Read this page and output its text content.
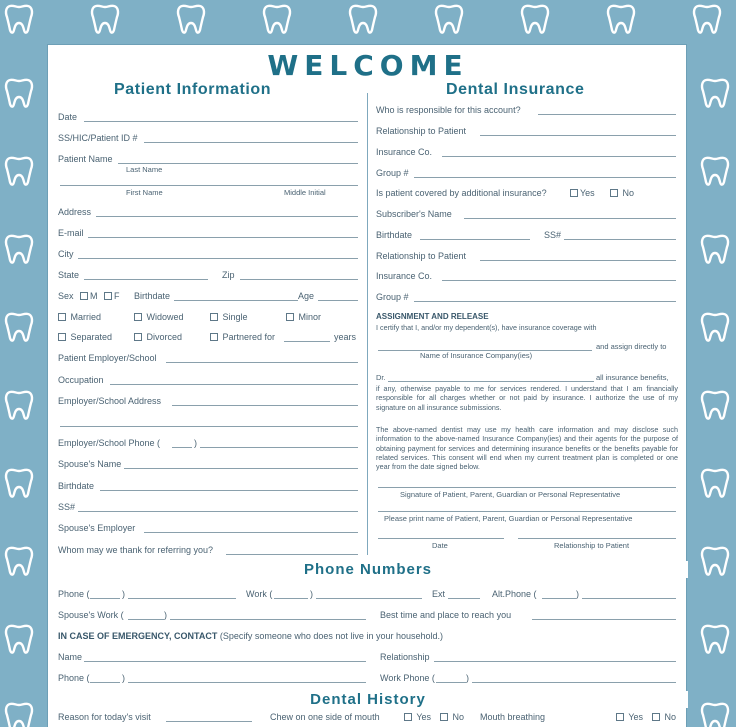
WELCOME
Patient Information
Date
SS/HIC/Patient ID #
Patient Name
Last Name
First Name	Middle Initial
Address
E-mail
City
State	Zip
Sex M F Birthdate	Age
Married	Widowed	Single	Minor
Separated	Divorced	Partnered for	years
Patient Employer/School
Occupation
Employer/School Address
Employer/School Phone (	)
Spouse's Name
Birthdate
SS#
Spouse's Employer
Whom may we thank for referring you?
Dental Insurance
Who is responsible for this account?
Relationship to Patient
Insurance Co.
Group #
Is patient covered by additional insurance?	Yes	No
Subscriber's Name
Birthdate	SS#
Relationship to Patient
Insurance Co.
Group #
ASSIGNMENT AND RELEASE
I certify that I, and/or my dependent(s), have insurance coverage with
and assign directly to
Name of Insurance Company(ies)
Dr.	all insurance benefits,
if any, otherwise payable to me for services rendered. I understand that I am financially responsible for all charges whether or not paid by insurance. I authorize the use of my signature on all insurance submissions.
The above-named dentist may use my health care information and may disclose such information to the above-named Insurance Company(ies) and their agents for the purpose of obtaining payment for services and determining insurance benefits or the benefits payable for related services. This consent will end when my current treatment plan is completed or one year from the date signed below.
Signature of Patient, Parent, Guardian or Personal Representative
Please print name of Patient, Parent, Guardian or Personal Representative
Date	Relationship to Patient
Phone Numbers
Phone (	)	Work (	)	Ext	Alt.Phone (	)
Spouse's Work (	)	Best time and place to reach you
IN CASE OF EMERGENCY, CONTACT (Specify someone who does not live in your household.)
Name	Relationship
Phone (	)	Work Phone (	)
Dental History
Reason for today's visit	Chew on one side of mouth	Yes	No Mouth breathing	Yes	No
